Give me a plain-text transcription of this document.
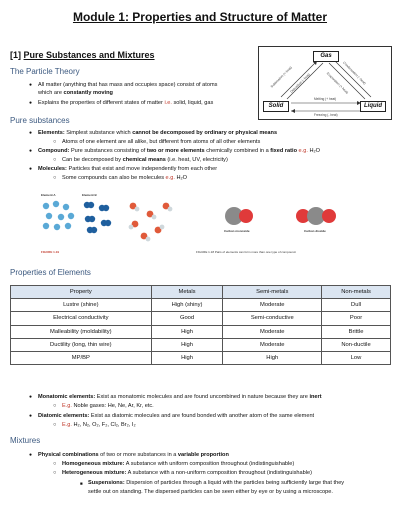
Module 1: Properties and Structure of Matter
[1] Pure Substances and Mixtures
The Particle Theory
● All matter (anything that has mass and occupies space) consist of atoms
which are constantly moving
● Explains the properties of different states of matter i.e. solid, liquid, gas
Gas
Solid	Liquid
Sublimation (+ heat)
Deposition (- heat)	Condensation (- heat)
Evaporation (+ heat)
Melting (+ heat)
Freezing (- heat)
Pure substances
● Elements: Simplest substance which cannot be decomposed by ordinary or physical means
○ Atoms of one element are all alike, but different from atoms of all other elements
● Compound: Pure substances consisting of two or more elements chemically combined in a fixed ratio e.g. H₂O
○ Can be decomposed by chemical means (i.e. heat, UV, electricity)
● Molecules: Particles that exist and move independently from each other
○ Some compounds can also be molecules e.g. H₂O
Element A	Element B
FIGURE 1.19
Carbon monoxide	Carbon dioxide
FIGURE 1.18 Pairs of elements can form more than one type of compound.
Properties of Elements
Property	Metals	Semi-metals	Non-metals
Lustre (shine)	High (shiny)	Moderate	Dull
Electrical conductivity	Good	Semi-conductive	Poor
Malleability (moldability)	High	Moderate	Brittle
Ductility (long, thin wire)	High	Moderate	Non-ductile
MP/BP	High	High	Low
● Monatomic elements: Exist as monatomic molecules and are found uncombined in nature because they are inert
○ E.g. Noble gases: He, Ne, Ar, Kr, etc.
● Diatomic elements: Exist as diatomic molecules and are found bonded with another atom of the same element
○ E.g. H₂, N₂, O₂, F₂, Cl₂, Br₂, I₂
Mixtures
● Physical combinations of two or more substances in a variable proportion
○ Homogeneous mixture: A substance with uniform composition throughout (indistinguishable)
○ Heterogeneous mixture: A substance with a non-uniform composition throughout (indistinguishable)
■ Suspensions: Dispersion of particles through a liquid with the particles being sufficiently large that they
settle out on standing. The dispersed particles can be seen either by eye or by using a microscope.
